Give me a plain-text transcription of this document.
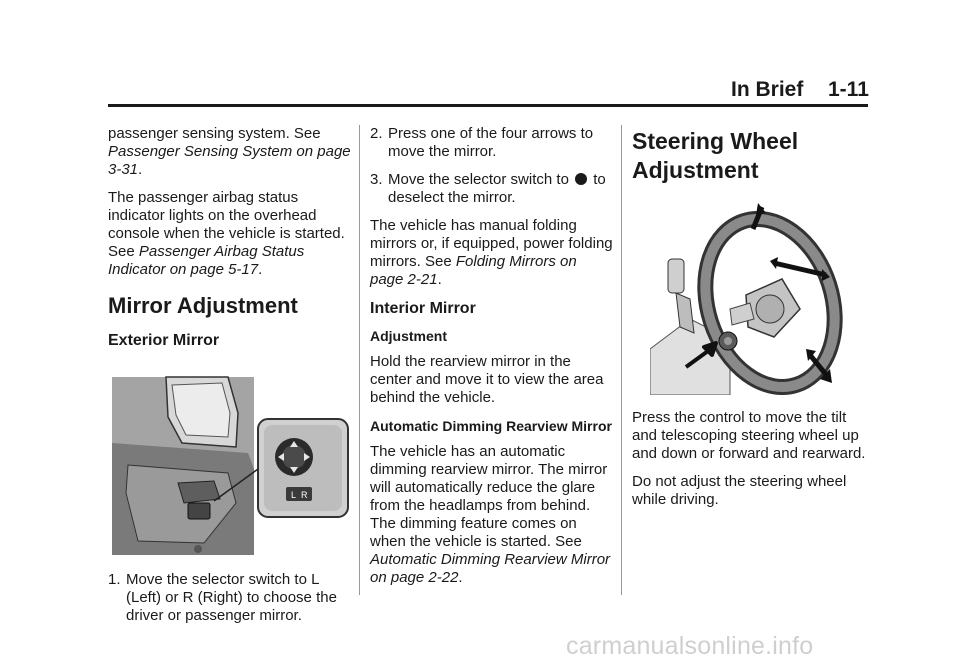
In Brief 1-11

passenger sensing system. See Passenger Sensing System on page 3-31.

The passenger airbag status indicator lights on the overhead console when the vehicle is started. See Passenger Airbag Status Indicator on page 5-17.

Mirror Adjustment
Exterior Mirror
L R
1. Move the selector switch to L (Left) or R (Right) to choose the driver or passenger mirror.
2. Press one of the four arrows to move the mirror.
3. Move the selector switch to  to deselect the mirror.

The vehicle has manual folding mirrors or, if equipped, power folding mirrors. See Folding Mirrors on page 2-21.

Interior Mirror
Adjustment

Hold the rearview mirror in the center and move it to view the area behind the vehicle.

Automatic Dimming Rearview Mirror

The vehicle has an automatic dimming rearview mirror. The mirror will automatically reduce the glare from the headlamps from behind. The dimming feature comes on when the vehicle is started. See Automatic Dimming Rearview Mirror on page 2-22.

Steering Wheel Adjustment

Press the control to move the tilt and telescoping steering wheel up and down or forward and rearward.

Do not adjust the steering wheel while driving.

carmanualsonline.info
